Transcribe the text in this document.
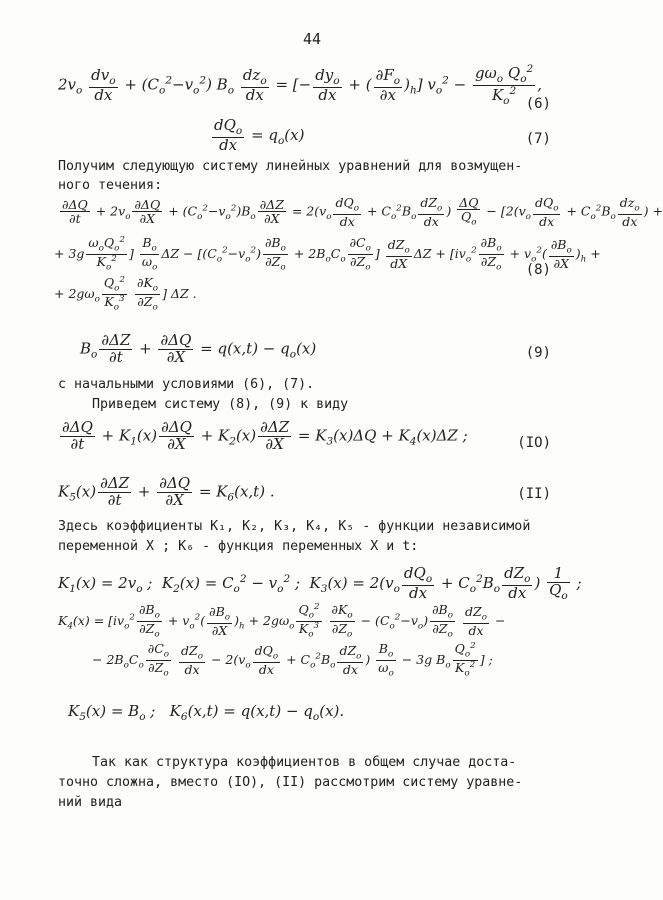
44
$2v_o \frac{dv_o}{dx} + (C_o^2-v_o^2)$ $B_o \frac{dz_o}{dx}$ = [− $\frac{dy_o}{dx}$ + ( $\frac{\partial F_o}{\partial x} )_h$] $v_o^2 - \frac{g\omega_o Q_o^2}{K_o^2}$ ,
(6)
$\frac{dQ_o}{dx} = q_o(x)$	(7)
Получим следующую систему линейных уравнений для возмущен-
ного течения:
$\frac{\partial\Delta Q}{\partial t} + 2v_o \frac{\partial\Delta Q}{\partial X} + (C_o^2-v_o^2)B_o \frac{\partial\Delta Z}{\partial X} = 2(v_o \frac{dQ_o}{dx} + C_o^2B_o \frac{dZ_o}{dx}$ ) $\frac{\Delta Q}{Q_o} - [2(v_o \frac{dQ_o}{dx} + C_o^2B_o \frac{dz_o}{dx}$ ) +
+ $3g \frac{\omega_oQ_o^2}{K_o^2}$ ] $\frac{B_o}{\omega_o}$ $\Delta Z - [(C_o^2-v_o^2) \frac{\partial B_o}{\partial Z_o} + 2B_oC_o \frac{\partial C_o}{\partial Z_o}$ ] $\frac{dZ_o}{dX}$ $\Delta Z + [iv_o^2 \frac{\partial B_o}{\partial Z_o} + v_o^2( \frac{\partial B_o}{\partial X} )_h$ +
(8)
+ $2g\omega_o \frac{Q_o^2}{K_o^3}$
$\frac{\partial K_o}{\partial Z_o}$ ] ΔZ .
$B_o \frac{\partial\Delta Z}{\partial t} + \frac{\partial\Delta Q}{\partial X} = q(x,t) - q_o(x)$	(9)
с начальными условиями (6), (7).
Приведем систему (8), (9) к виду
$\frac{\partial\Delta Q}{\partial t} + K_1(x) \frac{\partial\Delta Q}{\partial X} + K_2(x) \frac{\partial\Delta Z}{\partial X} = K_3(x)\Delta Q + K_4(x)\Delta Z$ ;	(IO)
$K_5(x) \frac{\partial\Delta Z}{\partial t} + \frac{\partial\Delta Q}{\partial X} = K_6(x,t)$ .	(II)
Здесь коэффициенты K₁, K₂, K₃, K₄, K₅ - функции независимой
переменной X ; K₆ - функция переменных X и t:
$K_1(x) = 2v_o$ ;  $K_2(x) = C_o^2 - v_o^2$ ;  $K_3(x) = 2(v_o \frac{dQ_o}{dx} + C_o^2B_o \frac{dZ_o}{dx}$ ) $\frac{1}{Q_o}$ ;
$K_4(x) = [iv_o^2 \frac{\partial B_o}{\partial Z_o} + v_o^2( \frac{\partial B_o}{\partial X} )_h + 2g\omega_o \frac{Q_o^2}{K_o^3}$
$\frac{\partial K_o}{\partial Z_o} - (C_o^2-v_o) \frac{\partial B_o}{\partial Z_o}$
$\frac{dZ_o}{dx}$ −
− $2B_oC_o \frac{\partial C_o}{\partial Z_o}$
$\frac{dZ_o}{dx} - 2(v_o \frac{dQ_o}{dx} + C_o^2B_o \frac{dZ_o}{dx}$ ) $\frac{B_o}{\omega_o} - 3g$ $B_o \frac{Q_o^2}{K_o^2}$ ] ;
$K_5(x) = B_o$ ;   $K_6(x,t) = q(x,t) - q_o(x)$.
Так как структура коэффициентов в общем случае доста-
точно сложна, вместо (IO), (II) рассмотрим систему уравне-
ний вида
